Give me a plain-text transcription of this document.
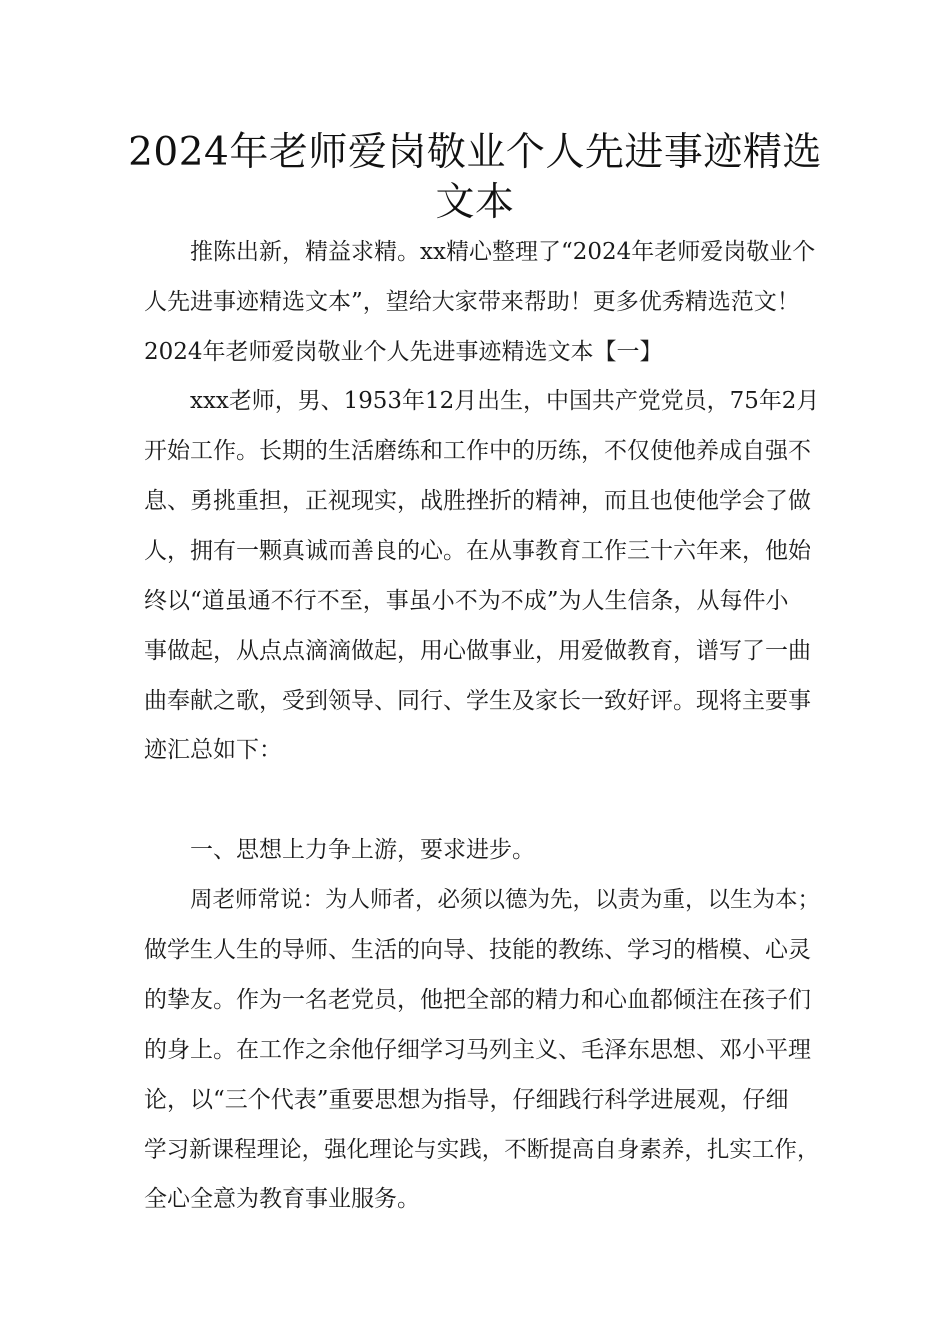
2024年老师爱岗敬业个人先进事迹精选
文本
推陈出新，精益求精。xx精心整理了“2024年老师爱岗敬业个
人先进事迹精选文本”，望给大家带来帮助！更多优秀精选范文！
2024年老师爱岗敬业个人先进事迹精选文本【一】
xxx老师，男、1953年12月出生，中国共产党党员，75年2月
开始工作。长期的生活磨练和工作中的历练，不仅使他养成自强不
息、勇挑重担，正视现实，战胜挫折的精神，而且也使他学会了做
人，拥有一颗真诚而善良的心。在从事教育工作三十六年来，他始
终以“道虽通不行不至，事虽小不为不成”为人生信条，从每件小
事做起，从点点滴滴做起，用心做事业，用爱做教育，谱写了一曲
曲奉献之歌，受到领导、同行、学生及家长一致好评。现将主要事
迹汇总如下：
一、思想上力争上游，要求进步。
周老师常说：为人师者，必须以德为先，以责为重，以生为本；
做学生人生的导师、生活的向导、技能的教练、学习的楷模、心灵
的挚友。作为一名老党员，他把全部的精力和心血都倾注在孩子们
的身上。在工作之余他仔细学习马列主义、毛泽东思想、邓小平理
论，以“三个代表”重要思想为指导，仔细践行科学进展观，仔细
学习新课程理论，强化理论与实践，不断提高自身素养，扎实工作，
全心全意为教育事业服务。
